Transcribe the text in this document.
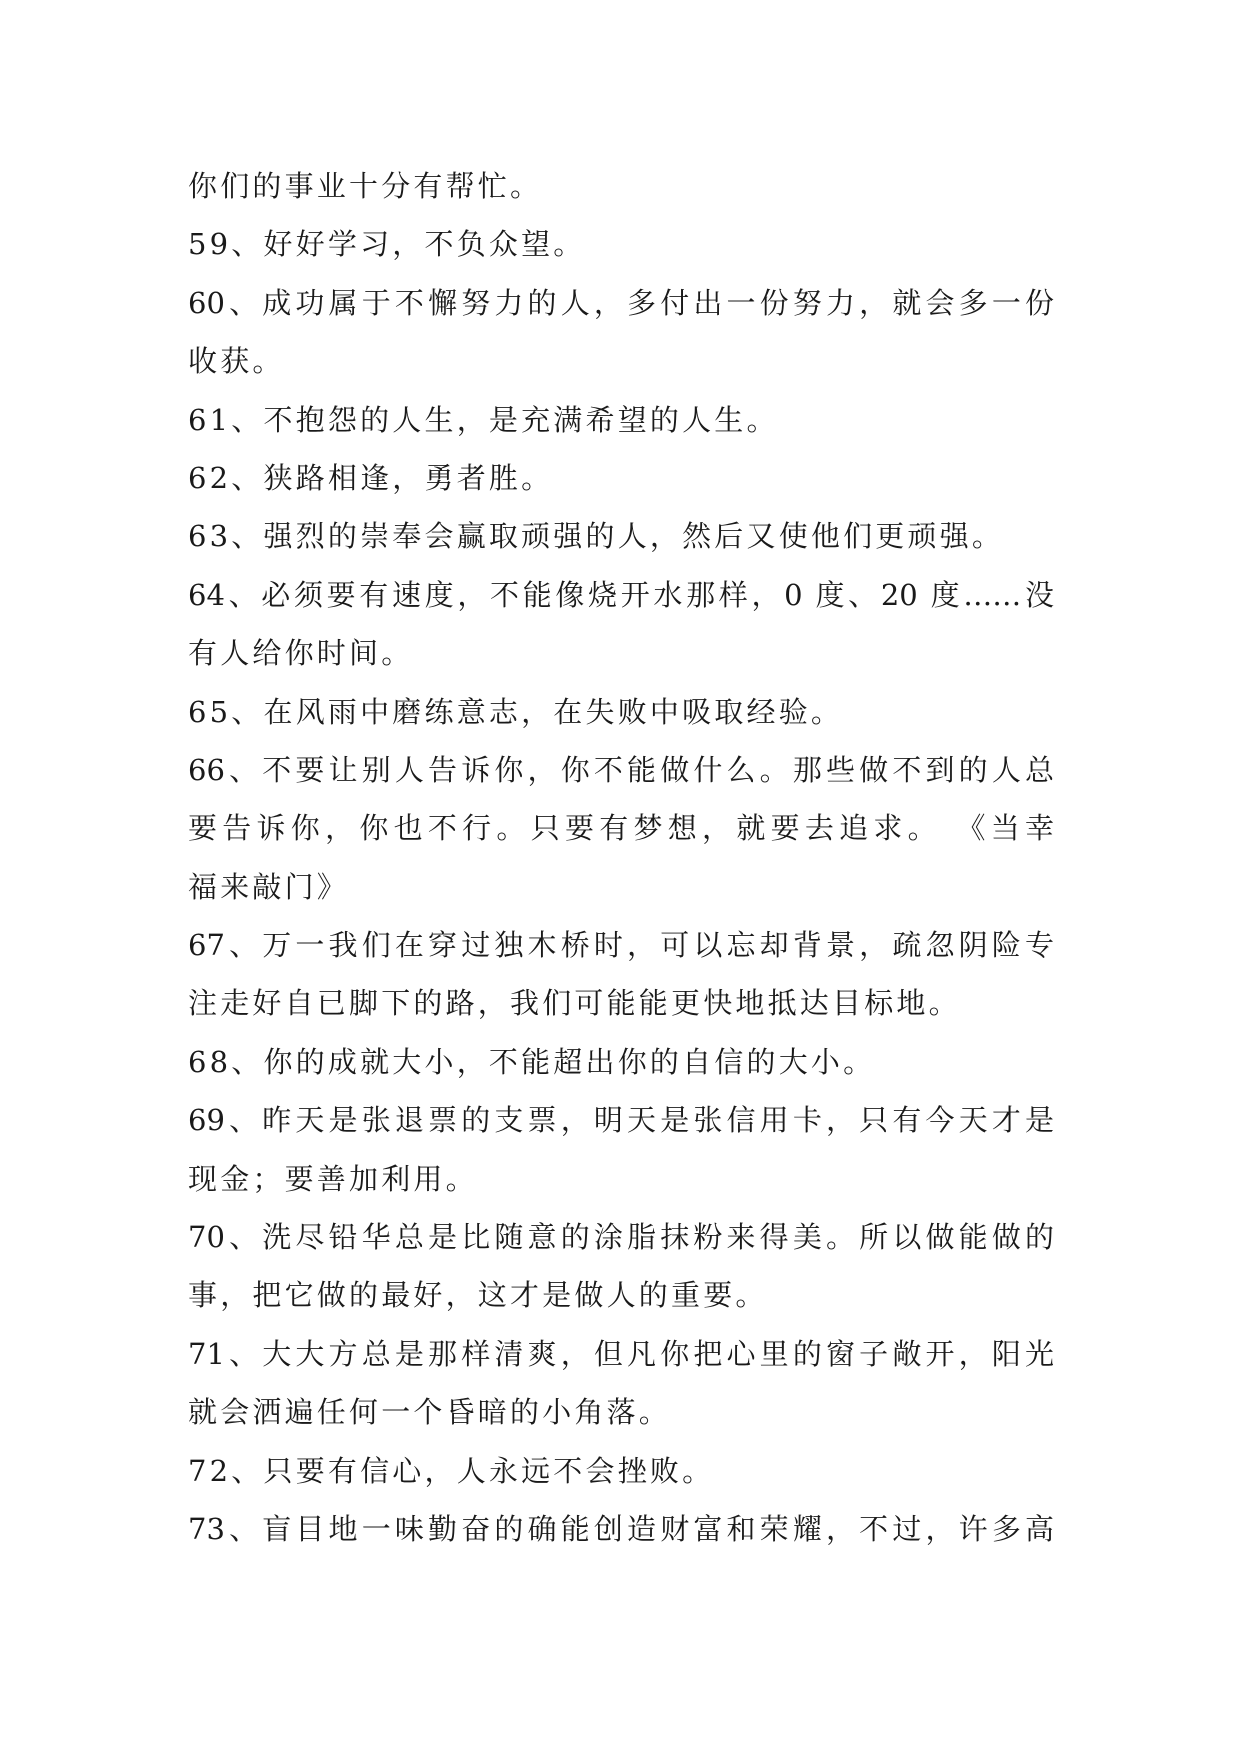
你们的事业十分有帮忙。
59、好好学习，不负众望。
60、成功属于不懈努力的人，多付出一份努力，就会多一份
收获。
61、不抱怨的人生，是充满希望的人生。
62、狭路相逢，勇者胜。
63、强烈的崇奉会赢取顽强的人，然后又使他们更顽强。
64、必须要有速度，不能像烧开水那样，0 度、20 度……没
有人给你时间。
65、在风雨中磨练意志，在失败中吸取经验。
66、不要让别人告诉你，你不能做什么。那些做不到的人总
要告诉你，你也不行。只要有梦想，就要去追求。 《当幸
福来敲门》
67、万一我们在穿过独木桥时，可以忘却背景，疏忽阴险专
注走好自已脚下的路，我们可能能更快地抵达目标地。
68、你的成就大小，不能超出你的自信的大小。
69、昨天是张退票的支票，明天是张信用卡，只有今天才是
现金；要善加利用。
70、洗尽铅华总是比随意的涂脂抹粉来得美。所以做能做的
事，把它做的最好，这才是做人的重要。
71、大大方总是那样清爽，但凡你把心里的窗子敞开，阳光
就会洒遍任何一个昏暗的小角落。
72、只要有信心，人永远不会挫败。
73、盲目地一味勤奋的确能创造财富和荣耀，不过，许多高
